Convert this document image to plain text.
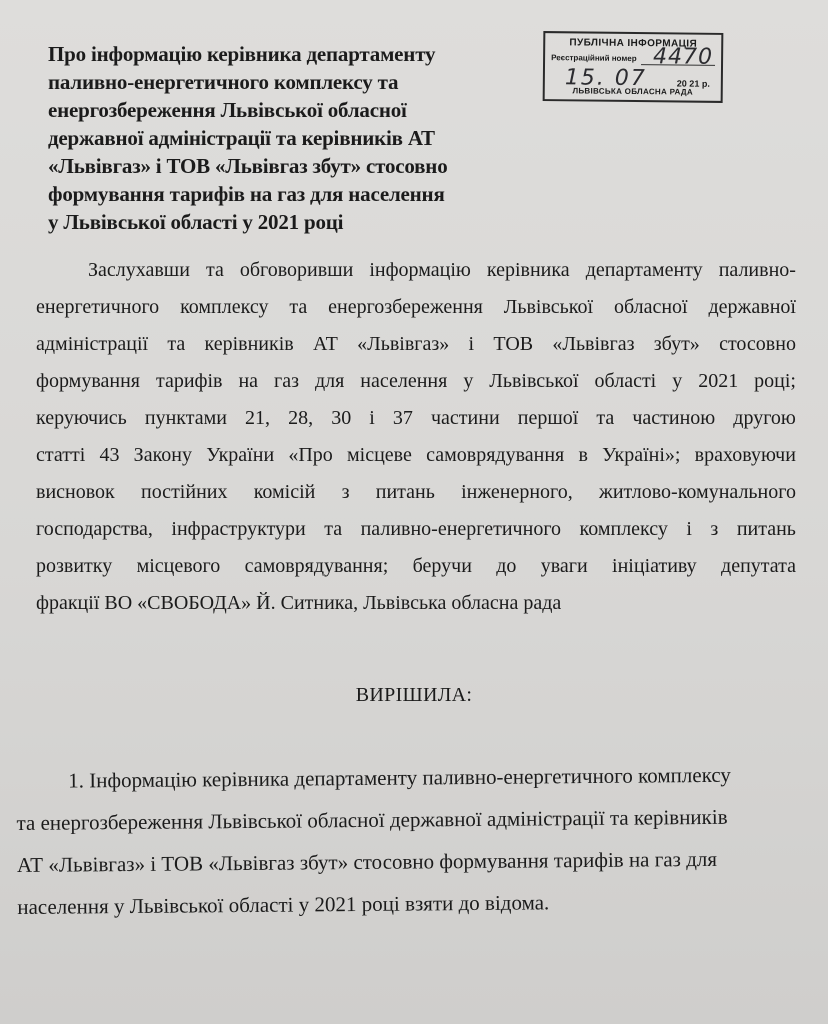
Про інформацію керівника департаменту
паливно-енергетичного комплексу та
енергозбереження Львівської обласної
державної адміністрації та керівників АТ
«Львівгаз» і ТОВ «Львівгаз збут» стосовно
формування тарифів на газ для населення
у Львівської області у 2021 році
ПУБЛІЧНА ІНФОРМАЦІЯ
Реєстраційний номер 4470
15. 07	20 21 р.
ЛЬВІВСЬКА ОБЛАСНА РАДА
Заслухавши та обговоривши інформацію керівника департаменту паливно-
енергетичного комплексу та енергозбереження Львівської обласної державної
адміністрації та керівників АТ «Львівгаз» і ТОВ «Львівгаз збут» стосовно
формування тарифів на газ для населення у Львівської області у 2021 році;
керуючись пунктами 21, 28, 30 і 37 частини першої та частиною другою
статті 43 Закону України «Про місцеве самоврядування в Україні»; враховуючи
висновок постійних комісій з питань інженерного, житлово-комунального
господарства, інфраструктури та паливно-енергетичного комплексу і з питань
розвитку місцевого самоврядування; беручи до уваги ініціативу депутата
фракції ВО «СВОБОДА» Й. Ситника, Львівська обласна рада
ВИРІШИЛА:
1. Інформацію керівника департаменту паливно-енергетичного комплексу
та енергозбереження Львівської обласної державної адміністрації та керівників
АТ «Львівгаз» і ТОВ «Львівгаз збут» стосовно формування тарифів на газ для
населення у Львівської області у 2021 році взяти до відома.
